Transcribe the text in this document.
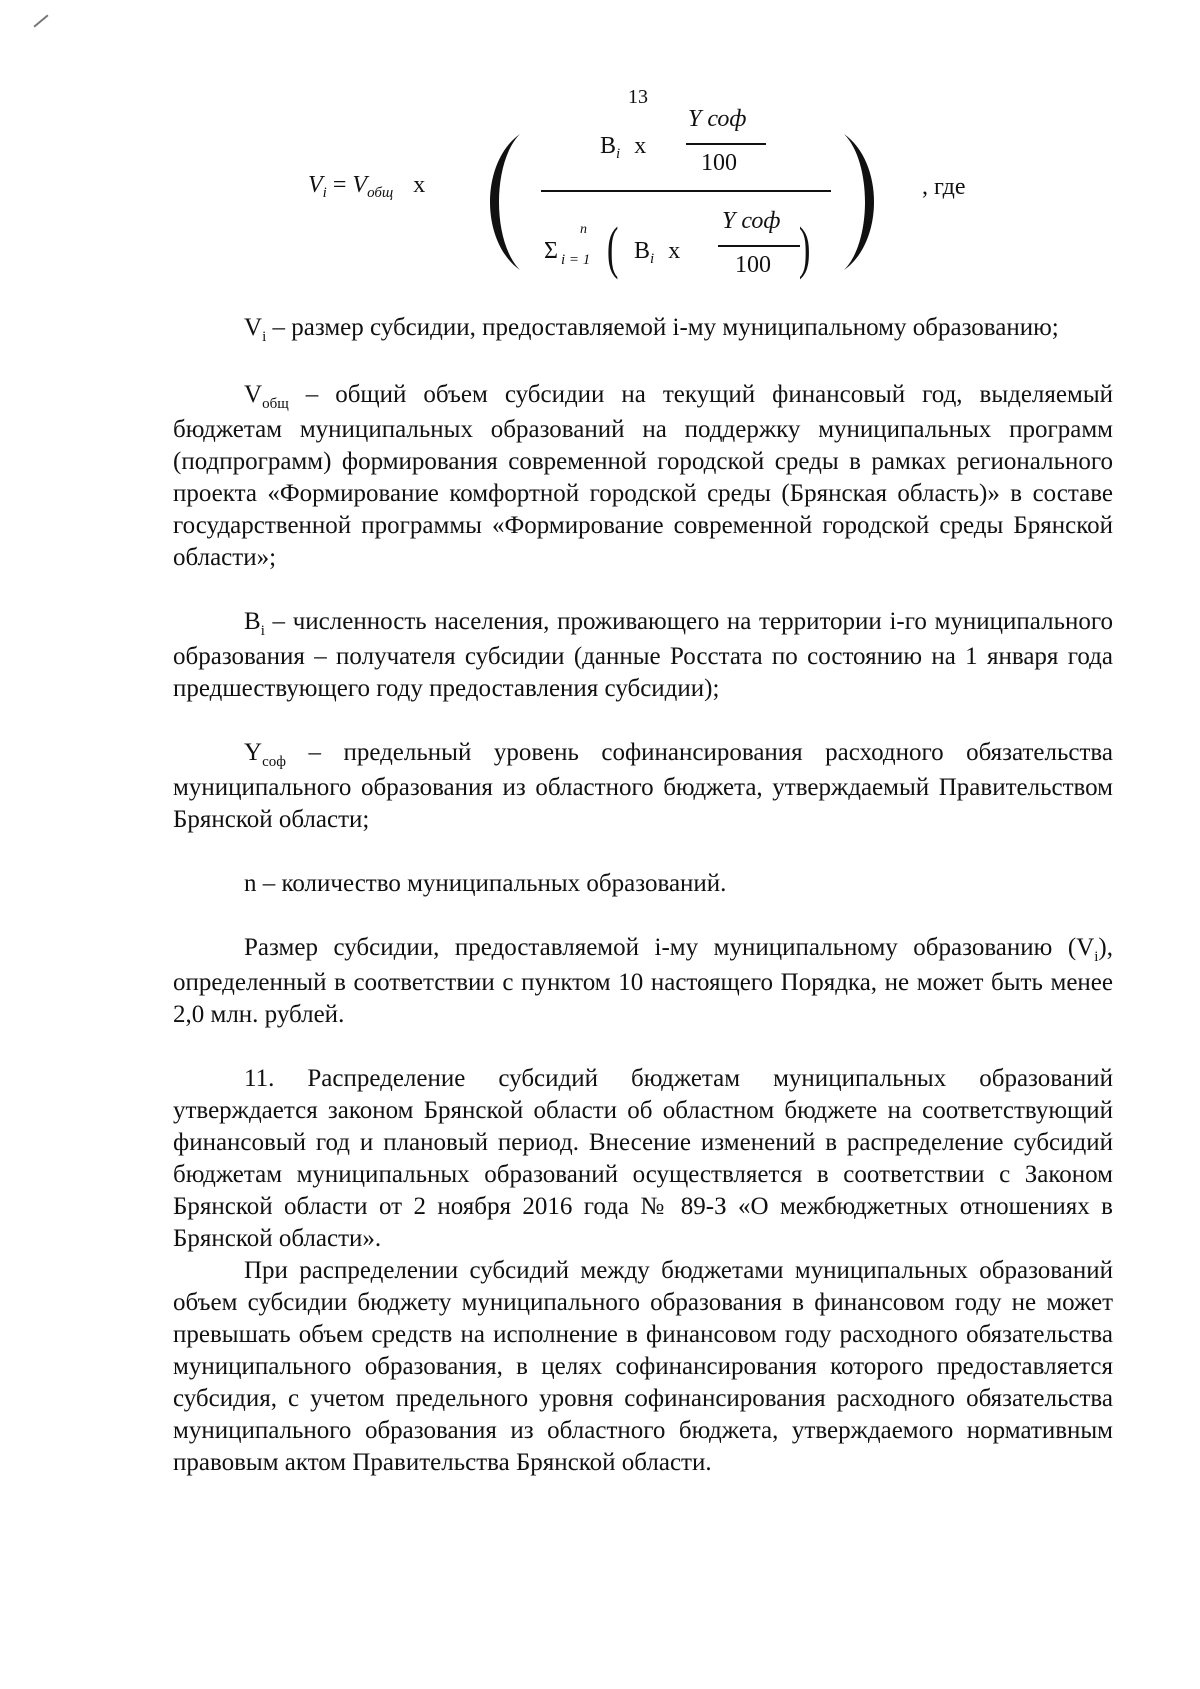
13
$V_i = V_{общ}$ х
$В_i$ х
Y соф
100
Σ
n
i = 1 ( $В_i$ х
Y соф
100 )
, где

$V_i$ – размер субсидии, предоставляемой i-му муниципальному образованию;

$V_{общ}$ – общий объем субсидии на текущий финансовый год, выделяемый бюджетам муниципальных образований на поддержку муниципальных программ (подпрограмм) формирования современной городской среды в рамках регионального проекта «Формирование комфортной городской среды (Брянская область)» в составе государственной программы «Формирование современной городской среды Брянской области»;

$В_i$ – численность населения, проживающего на территории i-го муниципального образования – получателя субсидии (данные Росстата по состоянию на 1 января года предшествующего году предоставления субсидии);

$Y_{соф}$ – предельный уровень софинансирования расходного обязательства муниципального образования из областного бюджета, утверждаемый Правительством Брянской области;

n – количество муниципальных образований.

Размер субсидии, предоставляемой i-му муниципальному образованию $(V_i)$, определенный в соответствии с пунктом 10 настоящего Порядка, не может быть менее 2,0 млн. рублей.

11. Распределение субсидий бюджетам муниципальных образований утверждается законом Брянской области об областном бюджете на соответствующий финансовый год и плановый период. Внесение изменений в распределение субсидий бюджетам муниципальных образований осуществляется в соответствии с Законом Брянской области от 2 ноября 2016 года № 89-З «О межбюджетных отношениях в Брянской области».

При распределении субсидий между бюджетами муниципальных образований объем субсидии бюджету муниципального образования в финансовом году не может превышать объем средств на исполнение в финансовом году расходного обязательства муниципального образования, в целях софинансирования которого предоставляется субсидия, с учетом предельного уровня софинансирования расходного обязательства муниципального образования из областного бюджета, утверждаемого нормативным правовым актом Правительства Брянской области.
